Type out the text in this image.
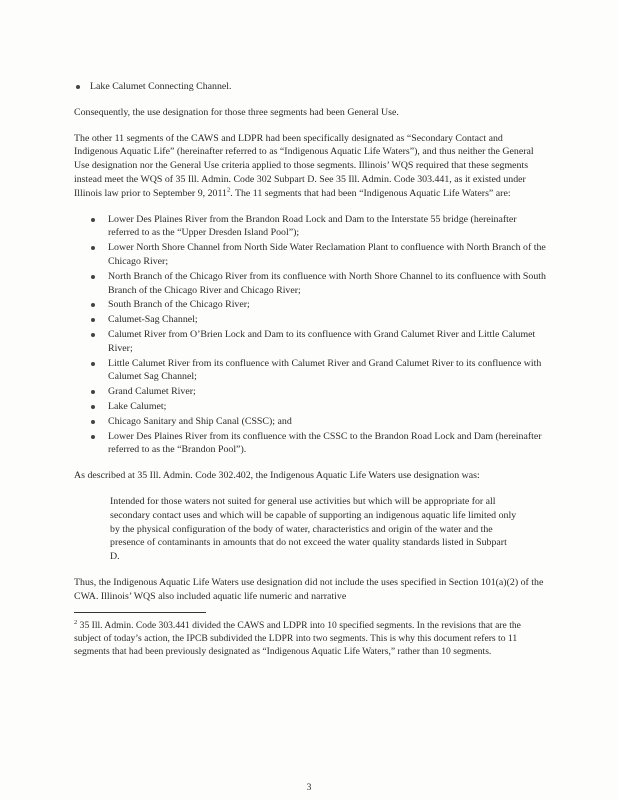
Lake Calumet Connecting Channel.

Consequently, the use designation for those three segments had been General Use.

The other 11 segments of the CAWS and LDPR had been specifically designated as “Secondary Contact and Indigenous Aquatic Life” (hereinafter referred to as “Indigenous Aquatic Life Waters”), and thus neither the General Use designation nor the General Use criteria applied to those segments. Illinois’ WQS required that these segments instead meet the WQS of 35 Ill. Admin. Code 302 Subpart D. See 35 Ill. Admin. Code 303.441, as it existed under Illinois law prior to September 9, 2011$^2$. The 11 segments that had been “Indigenous Aquatic Life Waters” are:

Lower Des Plaines River from the Brandon Road Lock and Dam to the Interstate 55 bridge (hereinafter referred to as the “Upper Dresden Island Pool”);
Lower North Shore Channel from North Side Water Reclamation Plant to confluence with North Branch of the Chicago River;
North Branch of the Chicago River from its confluence with North Shore Channel to its confluence with South Branch of the Chicago River and Chicago River;
South Branch of the Chicago River;
Calumet-Sag Channel;
Calumet River from O’Brien Lock and Dam to its confluence with Grand Calumet River and Little Calumet River;
Little Calumet River from its confluence with Calumet River and Grand Calumet River to its confluence with Calumet Sag Channel;
Grand Calumet River;
Lake Calumet;
Chicago Sanitary and Ship Canal (CSSC); and
Lower Des Plaines River from its confluence with the CSSC to the Brandon Road Lock and Dam (hereinafter referred to as the “Brandon Pool”).

As described at 35 Ill. Admin. Code 302.402, the Indigenous Aquatic Life Waters use designation was:

Intended for those waters not suited for general use activities but which will be appropriate for all secondary contact uses and which will be capable of supporting an indigenous aquatic life limited only by the physical configuration of the body of water, characteristics and origin of the water and the presence of contaminants in amounts that do not exceed the water quality standards listed in Subpart D.

Thus, the Indigenous Aquatic Life Waters use designation did not include the uses specified in Section 101(a)(2) of the CWA. Illinois’ WQS also included aquatic life numeric and narrative

$^2$ 35 Ill. Admin. Code 303.441 divided the CAWS and LDPR into 10 specified segments. In the revisions that are the subject of today’s action, the IPCB subdivided the LDPR into two segments. This is why this document refers to 11 segments that had been previously designated as “Indigenous Aquatic Life Waters,” rather than 10 segments.

3
